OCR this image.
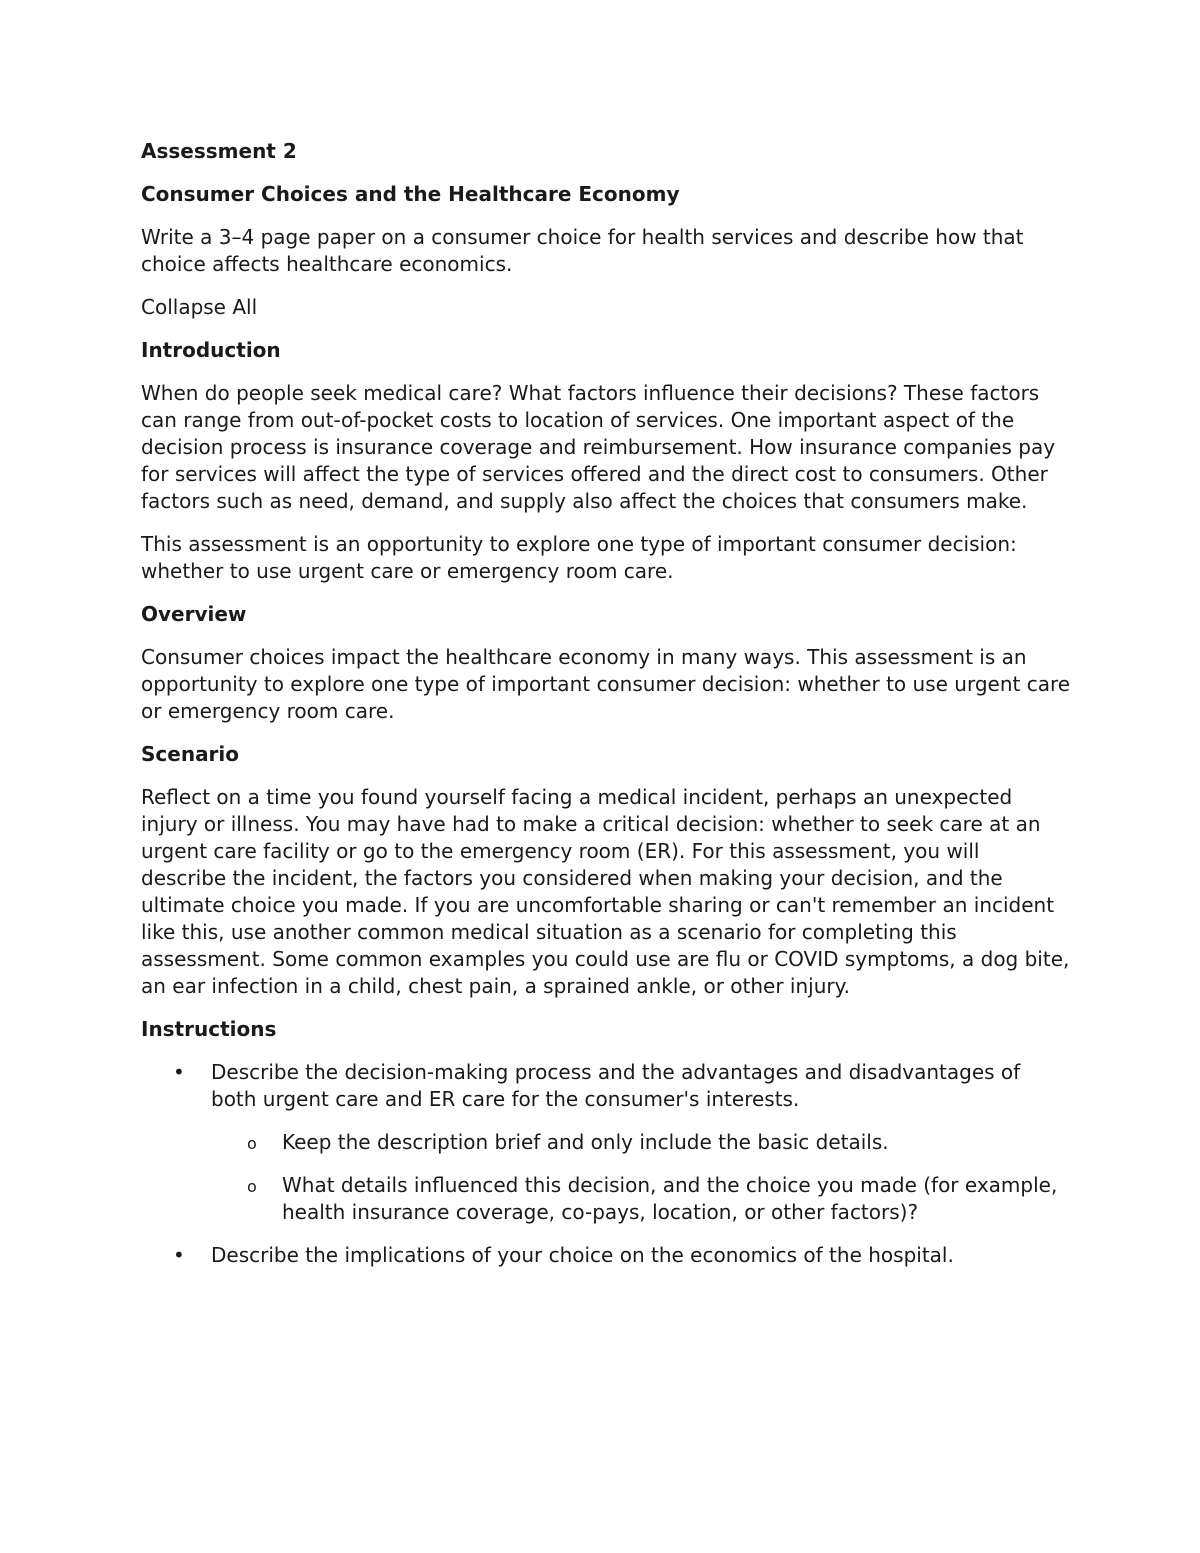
Assessment 2

Consumer Choices and the Healthcare Economy

Write a 3–4 page paper on a consumer choice for health services and describe how that choice affects healthcare economics.

Collapse All

Introduction

When do people seek medical care? What factors influence their decisions? These factors can range from out-of-pocket costs to location of services. One important aspect of the decision process is insurance coverage and reimbursement. How insurance companies pay for services will affect the type of services offered and the direct cost to consumers. Other factors such as need, demand, and supply also affect the choices that consumers make.

This assessment is an opportunity to explore one type of important consumer decision: whether to use urgent care or emergency room care.

Overview

Consumer choices impact the healthcare economy in many ways. This assessment is an opportunity to explore one type of important consumer decision: whether to use urgent care or emergency room care.

Scenario

Reflect on a time you found yourself facing a medical incident, perhaps an unexpected injury or illness. You may have had to make a critical decision: whether to seek care at an urgent care facility or go to the emergency room (ER). For this assessment, you will describe the incident, the factors you considered when making your decision, and the ultimate choice you made. If you are uncomfortable sharing or can't remember an incident like this, use another common medical situation as a scenario for completing this assessment. Some common examples you could use are flu or COVID symptoms, a dog bite, an ear infection in a child, chest pain, a sprained ankle, or other injury.

Instructions

• Describe the decision-making process and the advantages and disadvantages of both urgent care and ER care for the consumer's interests.
o Keep the description brief and only include the basic details.
o What details influenced this decision, and the choice you made (for example, health insurance coverage, co-pays, location, or other factors)?
• Describe the implications of your choice on the economics of the hospital.
